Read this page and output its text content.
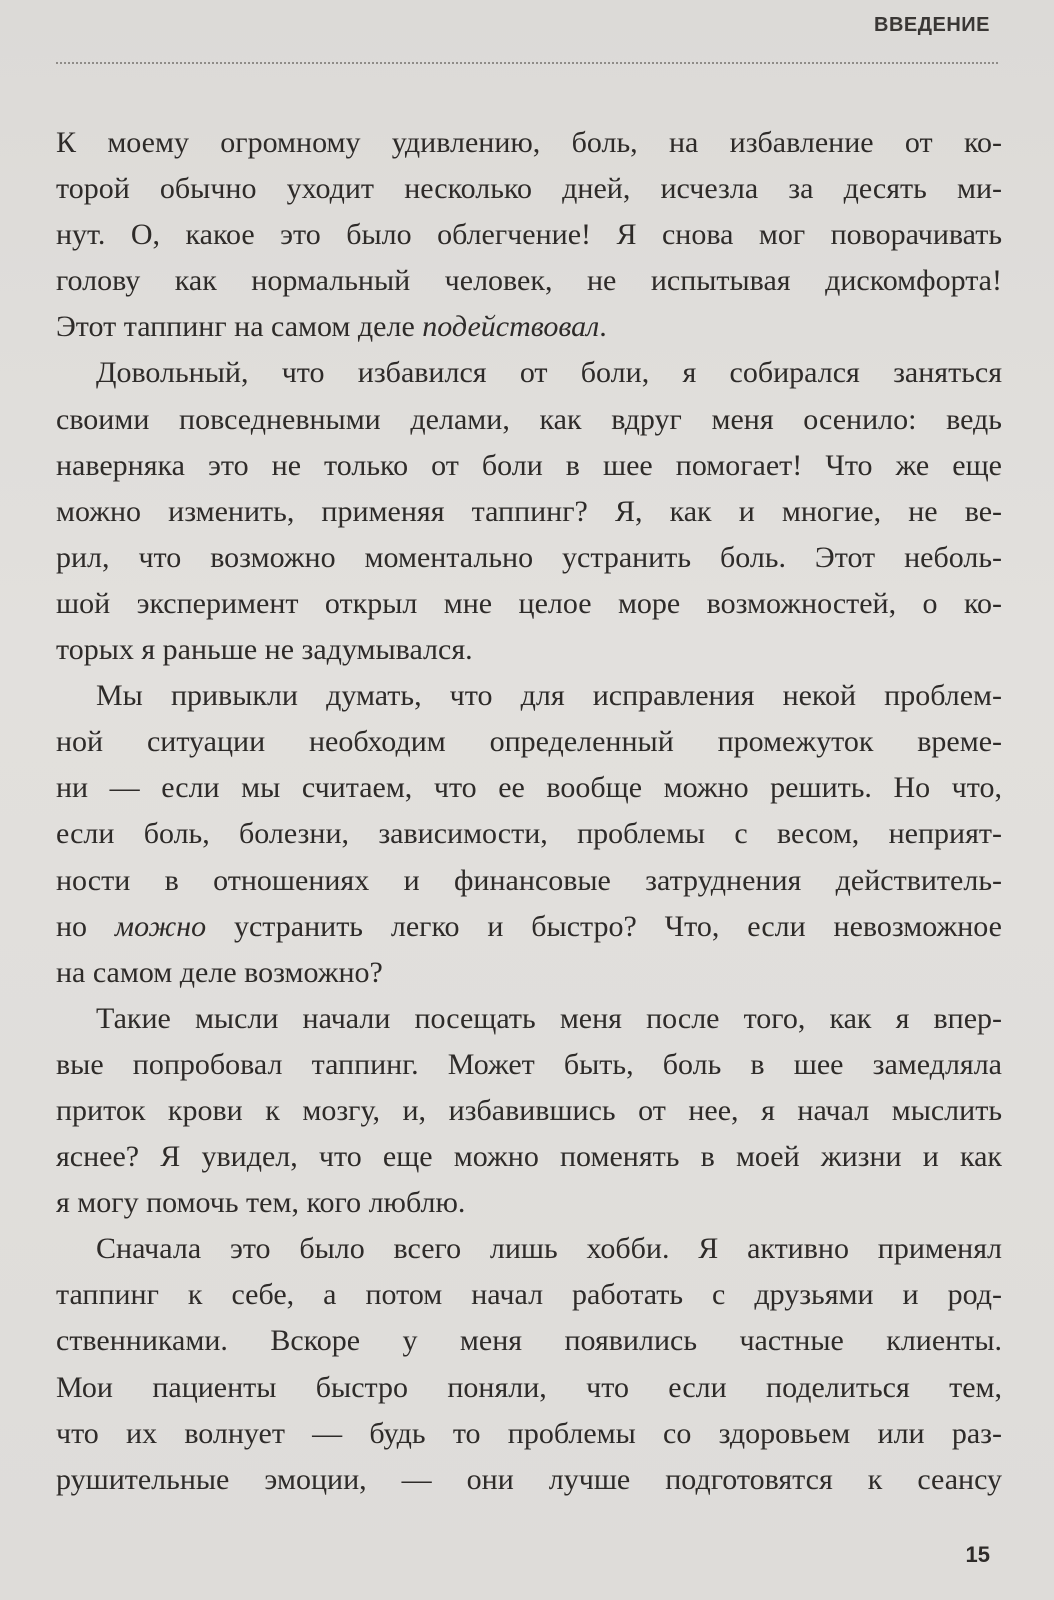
ВВЕДЕНИЕ
К моему огромному удивлению, боль, на избавление от ко-
торой обычно уходит несколько дней, исчезла за десять ми-
нут. О, какое это было облегчение! Я снова мог поворачивать
голову как нормальный человек, не испытывая дискомфорта!
Этот таппинг на самом деле подействовал.
Довольный, что избавился от боли, я собирался заняться
своими повседневными делами, как вдруг меня осенило: ведь
наверняка это не только от боли в шее помогает! Что же еще
можно изменить, применяя таппинг? Я, как и многие, не ве-
рил, что возможно моментально устранить боль. Этот неболь-
шой эксперимент открыл мне целое море возможностей, о ко-
торых я раньше не задумывался.
Мы привыкли думать, что для исправления некой проблем-
ной ситуации необходим определенный промежуток време-
ни — если мы считаем, что ее вообще можно решить. Но что,
если боль, болезни, зависимости, проблемы с весом, неприят-
ности в отношениях и финансовые затруднения действитель-
но можно устранить легко и быстро? Что, если невозможное
на самом деле возможно?
Такие мысли начали посещать меня после того, как я впер-
вые попробовал таппинг. Может быть, боль в шее замедляла
приток крови к мозгу, и, избавившись от нее, я начал мыслить
яснее? Я увидел, что еще можно поменять в моей жизни и как
я могу помочь тем, кого люблю.
Сначала это было всего лишь хобби. Я активно применял
таппинг к себе, а потом начал работать с друзьями и род-
ственниками. Вскоре у меня появились частные клиенты.
Мои пациенты быстро поняли, что если поделиться тем,
что их волнует — будь то проблемы со здоровьем или раз-
рушительные эмоции, — они лучше подготовятся к сеансу
15
